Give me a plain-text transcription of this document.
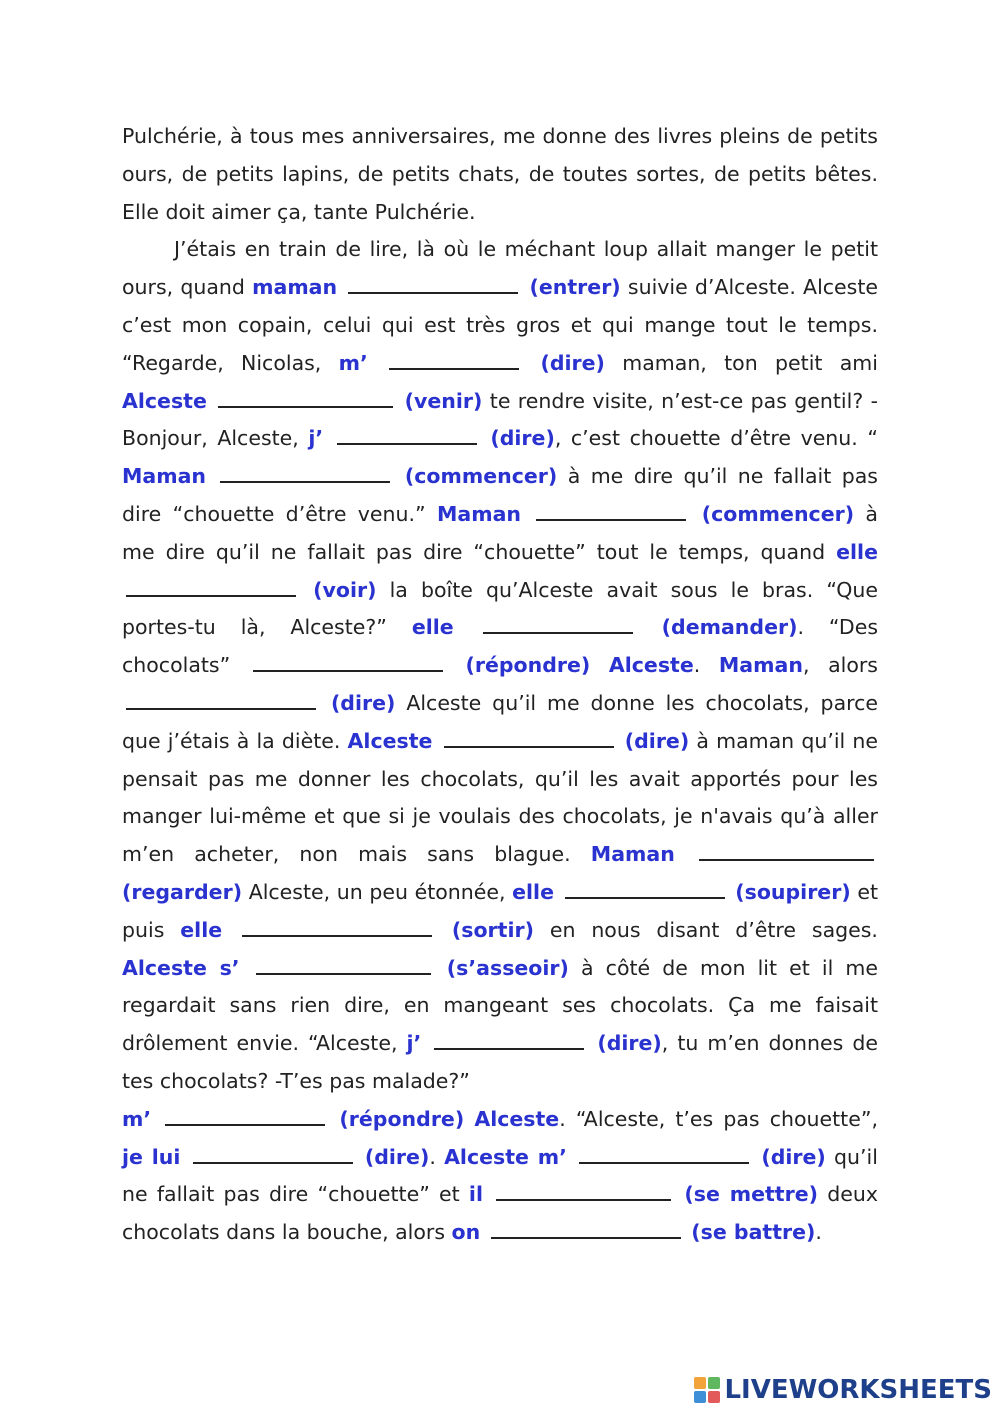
Pulchérie, à tous mes anniversaires, me donne des livres pleins de petits ours, de petits lapins, de petits chats, de toutes sortes, de petits bêtes. Elle doit aimer ça, tante Pulchérie.

J’étais en train de lire, là où le méchant loup allait manger le petit ours, quand maman	(entrer) suivie d’Alceste. Alceste c’est mon copain, celui qui est très gros et qui mange tout le temps. “Regarde, Nicolas, m’	(dire) maman, ton petit ami Alceste	(venir) te rendre visite, n’est-ce pas gentil? -Bonjour, Alceste, j’	(dire), c’est chouette d’être venu. “ Maman	(commencer) à me dire qu’il ne fallait pas dire “chouette d’être venu.” Maman	(commencer) à me dire qu’il ne fallait pas dire “chouette” tout le temps, quand elle  (voir) la boîte qu’Alceste avait sous le bras. “Que portes-tu là, Alceste?” elle	(demander). “Des chocolats”	(répondre) Alceste. Maman, alors  (dire) Alceste qu’il me donne les chocolats, parce que j’étais à la diète. Alceste	(dire) à maman qu’il ne pensait pas me donner les chocolats, qu’il les avait apportés pour les manger lui-même et que si je voulais des chocolats, je n'avais qu’à aller m’en acheter, non mais sans blague. Maman  (regarder) Alceste, un peu étonnée, elle	(soupirer) et puis elle	(sortir) en nous disant d’être sages. Alceste s’	(s’asseoir) à côté de mon lit et il me regardait sans rien dire, en mangeant ses chocolats. Ça me faisait drôlement envie. “Alceste, j’	(dire), tu m’en donnes de tes chocolats? -T’es pas malade?”

m’	(répondre) Alceste. “Alceste, t’es pas chouette”, je lui	(dire). Alceste m’	(dire) qu’il ne fallait pas dire “chouette” et il	(se mettre) deux chocolats dans la bouche, alors on	(se battre).

LIVEWORKSHEETS
